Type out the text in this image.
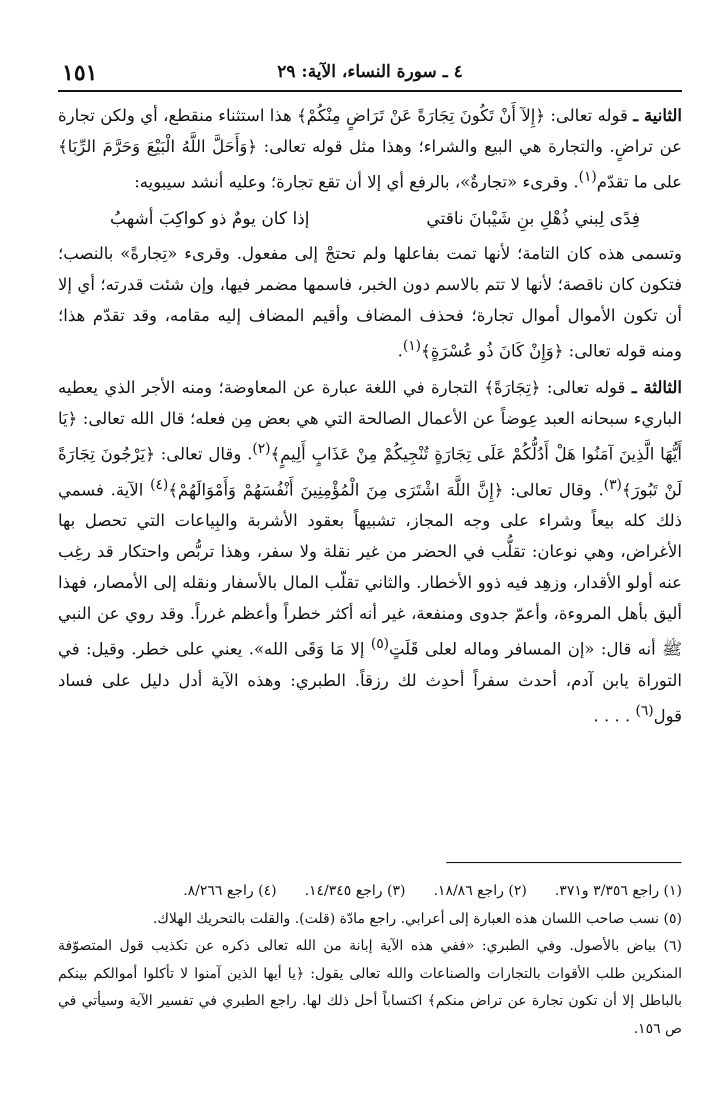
٤ ـ سورة النساء، الآية: ٢٩
١٥١

الثانية ـ قوله تعالى: ﴿إِلآ أَنْ تَكُونَ تِجَارَةً عَنْ تَرَاضٍ مِنْكُمْ﴾ هذا استثناء منقطع، أي ولكن تجارة عن تراضٍ. والتجارة هي البيع والشراء؛ وهذا مثل قوله تعالى: ﴿وَأَحَلَّ اللَّهُ الْبَيْعَ وَحَرَّمَ الرِّبَا﴾ على ما تقدّم$^{(١)}$. وقرىء «تجارةٌ»، بالرفع أي إلا أن تقع تجارة؛ وعليه أنشد سيبويه:

فِدًى لِبني ذُهْلِ بنِ شَيْبانَ ناقتي
إذا كان يومٌ ذو كواكِبَ أشهبُ

وتسمى هذه كان التامة؛ لأنها تمت بفاعلها ولم تحتجْ إلى مفعول. وقرىء «تِجارةً» بالنصب؛ فتكون كان ناقصة؛ لأنها لا تتم بالاسم دون الخبر، فاسمها مضمر فيها، وإن شئت قدرته؛ أي إلا أن تكون الأموال أموال تجارة؛ فحذف المضاف وأقيم المضاف إليه مقامه، وقد تقدّم هذا؛ ومنه قوله تعالى: ﴿وَإِنْ كَانَ ذُو عُسْرَةٍ﴾$^{(١)}$.

الثالثة ـ قوله تعالى: ﴿تِجَارَةً﴾ التجارة في اللغة عبارة عن المعاوضة؛ ومنه الأجر الذي يعطيه الباريء سبحانه العبد عِوضاً عن الأعمال الصالحة التي هي بعض مِن فعله؛ قال الله تعالى: ﴿يَا أَيُّهَا الَّذِينَ آمَنُوا هَلْ أَدُلُّكُمْ عَلَى تِجَارَةٍ تُنْجِيكُمْ مِنْ عَذَابٍ أَلِيمٍ﴾$^{(٢)}$. وقال تعالى: ﴿يَرْجُونَ تِجَارَةً لَنْ تَبُورَ﴾$^{(٣)}$. وقال تعالى: ﴿إِنَّ اللَّهَ اشْتَرَى مِنَ الْمُؤْمِنِينَ أَنْفُسَهُمْ وَأَمْوَالَهُمْ﴾$^{(٤)}$ الآية. فسمي ذلك كله بيعاً وشراء على وجه المجاز، تشبيهاً بعقود الأشربة والبِياعات التي تحصل بها الأغراض، وهي نوعان: تقلُّب في الحضر من غير نقلة ولا سفر، وهذا تربُّص واحتكار قد رغِب عنه أولو الأقدار، وزهِد فيه ذوو الأخطار. والثاني تقلّب المال بالأسفار ونقله إلى الأمصار، فهذا أليق بأهل المروءة، وأعمّ جدوى ومنفعة، غير أنه أكثر خطراً وأعظم غرراً. وقد روي عن النبي ﷺ أنه قال: «إن المسافر وماله لعلى قَلَتٍ$^{(٥)}$ إلا مَا وَقَى الله». يعني على خطر. وقيل: في التوراة يابن آدم، أحدث سفراً أحدِث لك رزقاً. الطبري: وهذه الآية أدل دليل على فساد قول$^{(٦)}$ . . . .

(١) راجع ٣/٣٥٦ و٣٧١.
(٢) راجع ١٨/٨٦.
(٣) راجع ١٤/٣٤٥.
(٤) راجع ٨/٢٦٦.

(٥) نسب صاحب اللسان هذه العبارة إلى أعرابي. راجع مادّة (قلت). والقلت بالتحريك الهلاك.

(٦) بياض بالأصول. وفي الطبري: «ففي هذه الآية إبانة من الله تعالى ذكره عن تكذيب قول المتصوّفة المنكرين طلب الأقوات بالتجارات والصناعات والله تعالى يقول: ﴿يا أيها الذين آمنوا لا تأكلوا أموالكم بينكم بالباطل إلا أن تكون تجارة عن تراض منكم﴾ اكتساباً أحل ذلك لها. راجع الطبري في تفسير الآية وسيأتي في ص ١٥٦.
